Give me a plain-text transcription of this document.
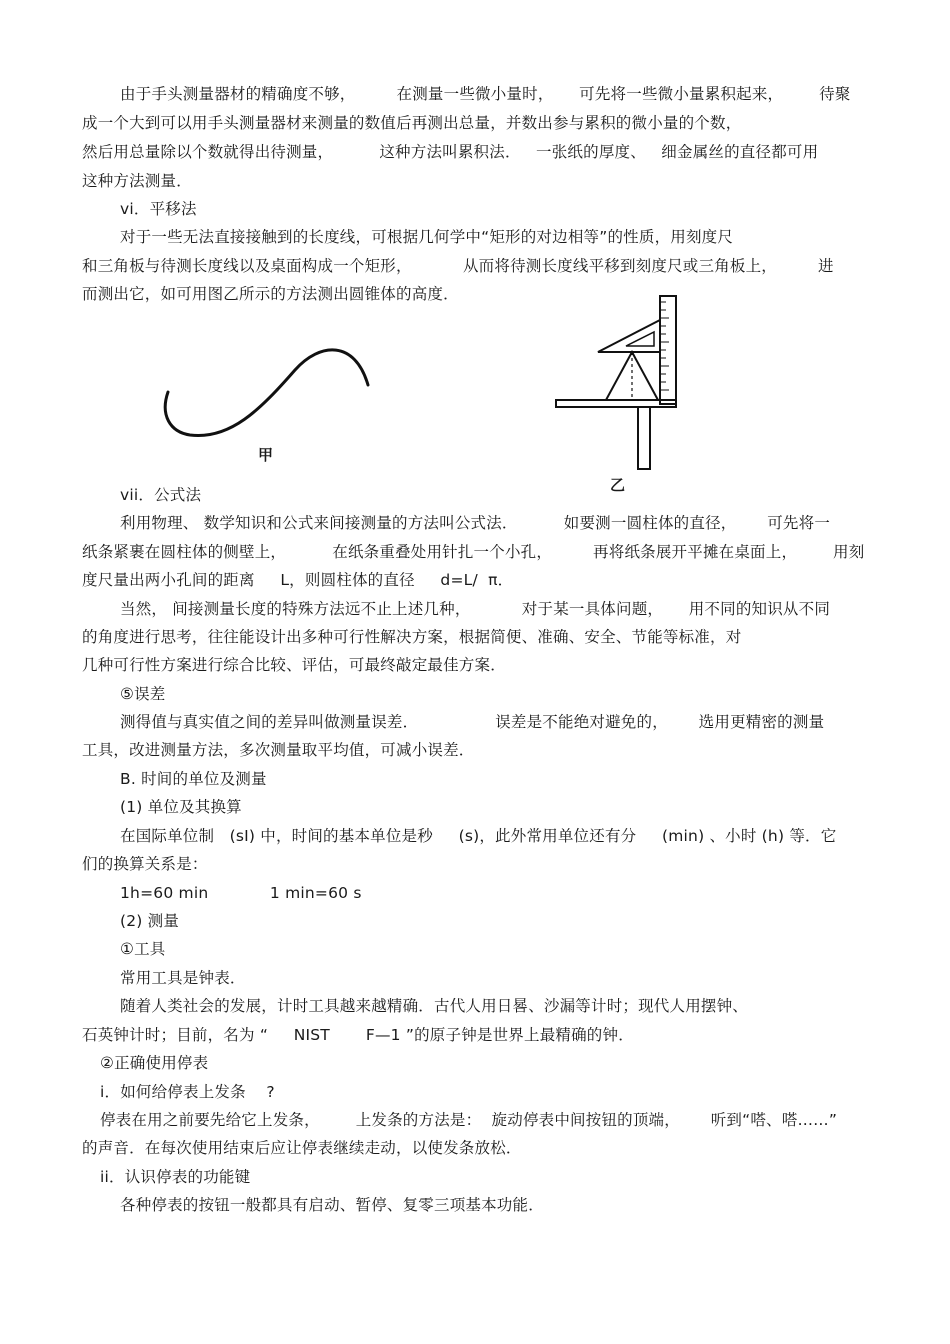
由于手头测量器材的精确度不够，        在测量一些微小量时，     可先将一些微小量累积起来，       待聚
成一个大到可以用手头测量器材来测量的数值后再测出总量，并数出参与累积的微小量的个数，
然后用总量除以个数就得出待测量，         这种方法叫累积法．   一张纸的厚度、   细金属丝的直径都可用
这种方法测量．
vi．平移法
对于一些无法直接接触到的长度线，可根据几何学中“矩形的对边相等”的性质，用刻度尺
和三角板与待测长度线以及桌面构成一个矩形，          从而将待测长度线平移到刻度尺或三角板上，        进
而测出它，如可用图乙所示的方法测出圆锥体的高度．
甲
乙
vii．公式法
利用物理、 数学知识和公式来间接测量的方法叫公式法．         如要测一圆柱体的直径，      可先将一
纸条紧裹在圆柱体的侧壁上，         在纸条重叠处用针扎一个小孔，        再将纸条展开平摊在桌面上，       用刻
度尺量出两小孔间的距离     L，则圆柱体的直径     d=L/  π．
当然， 间接测量长度的特殊方法远不止上述几种，          对于某一具体问题，     用不同的知识从不同
的角度进行思考，往往能设计出多种可行性解决方案，根据简便、准确、安全、节能等标准，对
几种可行性方案进行综合比较、评估，可最终敲定最佳方案．
⑤误差
测得值与真实值之间的差异叫做测量误差．               误差是不能绝对避免的，      选用更精密的测量
工具，改进测量方法，多次测量取平均值，可减小误差．
B. 时间的单位及测量
(1) 单位及其换算
在国际单位制   (sI) 中，时间的基本单位是秒     (s)，此外常用单位还有分     (min) 、小时 (h) 等．它
们的换算关系是：
1h=60 min            1 min=60 s
(2) 测量
①工具
常用工具是钟表．
随着人类社会的发展，计时工具越来越精确．古代人用日晷、沙漏等计时；现代人用摆钟、
石英钟计时；目前，名为 “     NIST       F—1 ”的原子钟是世界上最精确的钟．
②正确使用停表
i．如何给停表上发条    ?
停表在用之前要先给它上发条，       上发条的方法是：  旋动停表中间按钮的顶端，      听到“嗒、嗒……”
的声音．在每次使用结束后应让停表继续走动，以使发条放松．
ii．认识停表的功能键
各种停表的按钮一般都具有启动、暂停、复零三项基本功能．
